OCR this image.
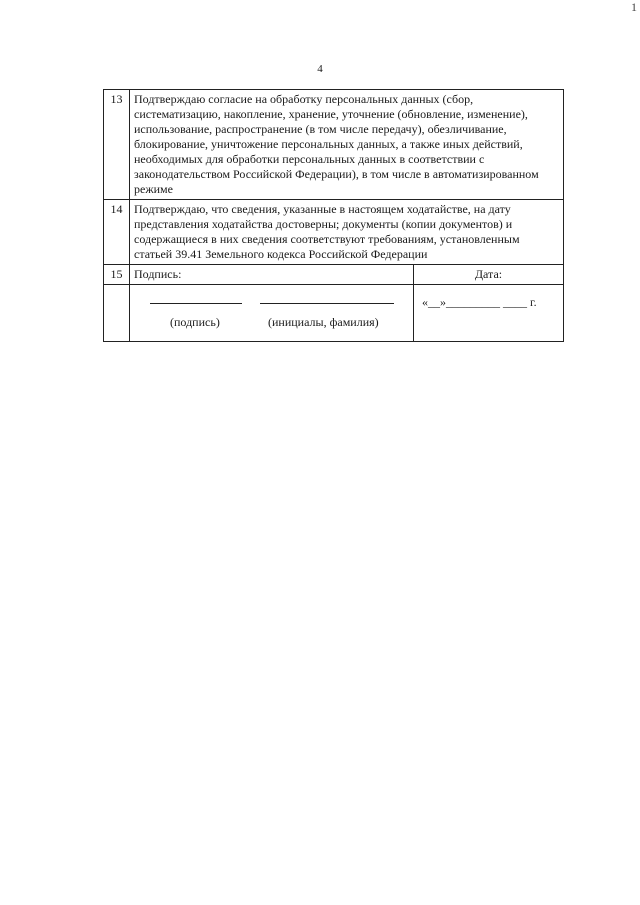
1
4
13	Подтверждаю согласие на обработку персональных данных (сбор, систематизацию, накопление, хранение, уточнение (обновление, изменение), использование, распространение (в том числе передачу), обезличивание, блокирование, уничтожение персональных данных, а также иных действий, необходимых для обработки персональных данных в соответствии с законодательством Российской Федерации), в том числе в автоматизированном режиме	
14	Подтверждаю, что сведения, указанные в настоящем ходатайстве, на дату представления ходатайства достоверны; документы (копии документов) и содержащиеся в них сведения соответствуют требованиям, установленным статьей 39.41 Земельного кодекса Российской Федерации	
15	Подпись:	Дата:

	(подпись) (инициалы, фамилия)	«__»_________ ____ г.
